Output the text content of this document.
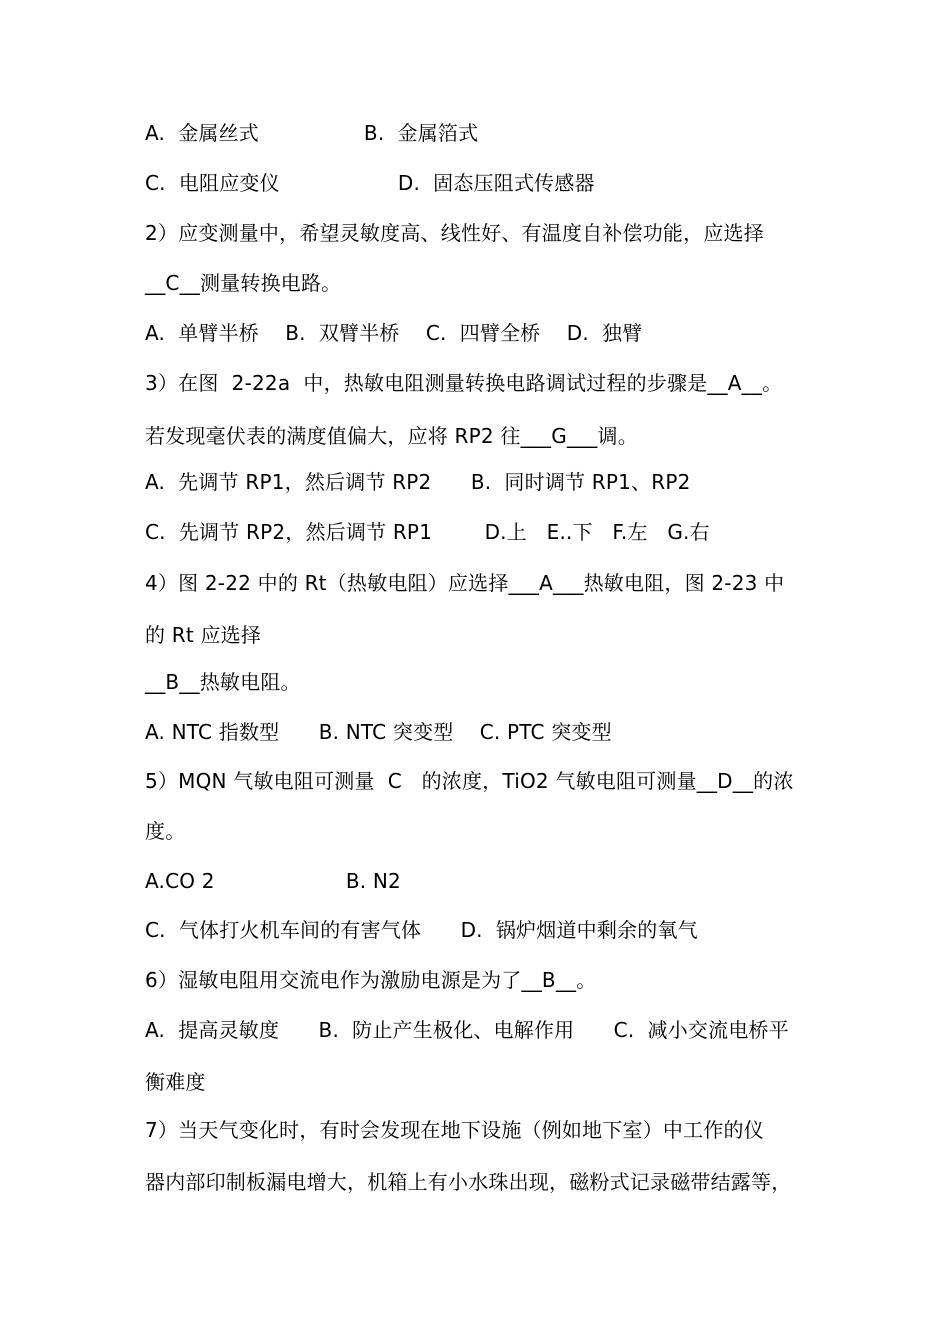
A.  金属丝式                B.  金属箔式
C.  电阻应变仪                  D.  固态压阻式传感器
2）应变测量中，希望灵敏度高、线性好、有温度自补偿功能，应选择
__C__测量转换电路。
A.  单臂半桥    B.  双臂半桥    C.  四臂全桥    D.  独臂
3）在图  2-22a  中，热敏电阻测量转换电路调试过程的步骤是__A__。
若发现毫伏表的满度值偏大，应将 RP2 往___G___调。
A.  先调节 RP1，然后调节 RP2      B.  同时调节 RP1、RP2
C.  先调节 RP2，然后调节 RP1        D.上   E..下   F.左   G.右
4）图 2-22 中的 Rt（热敏电阻）应选择___A___热敏电阻，图 2-23 中
的 Rt 应选择
__B__热敏电阻。
A. NTC 指数型      B. NTC 突变型    C. PTC 突变型
5）MQN 气敏电阻可测量  C   的浓度，TiO2 气敏电阻可测量__D__的浓
度。
A.CO 2                    B. N2
C.  气体打火机车间的有害气体      D.  锅炉烟道中剩余的氧气
6）湿敏电阻用交流电作为激励电源是为了__B__。
A.  提高灵敏度      B.  防止产生极化、电解作用      C.  减小交流电桥平
衡难度
7）当天气变化时，有时会发现在地下设施（例如地下室）中工作的仪
器内部印制板漏电增大，机箱上有小水珠出现，磁粉式记录磁带结露等，
